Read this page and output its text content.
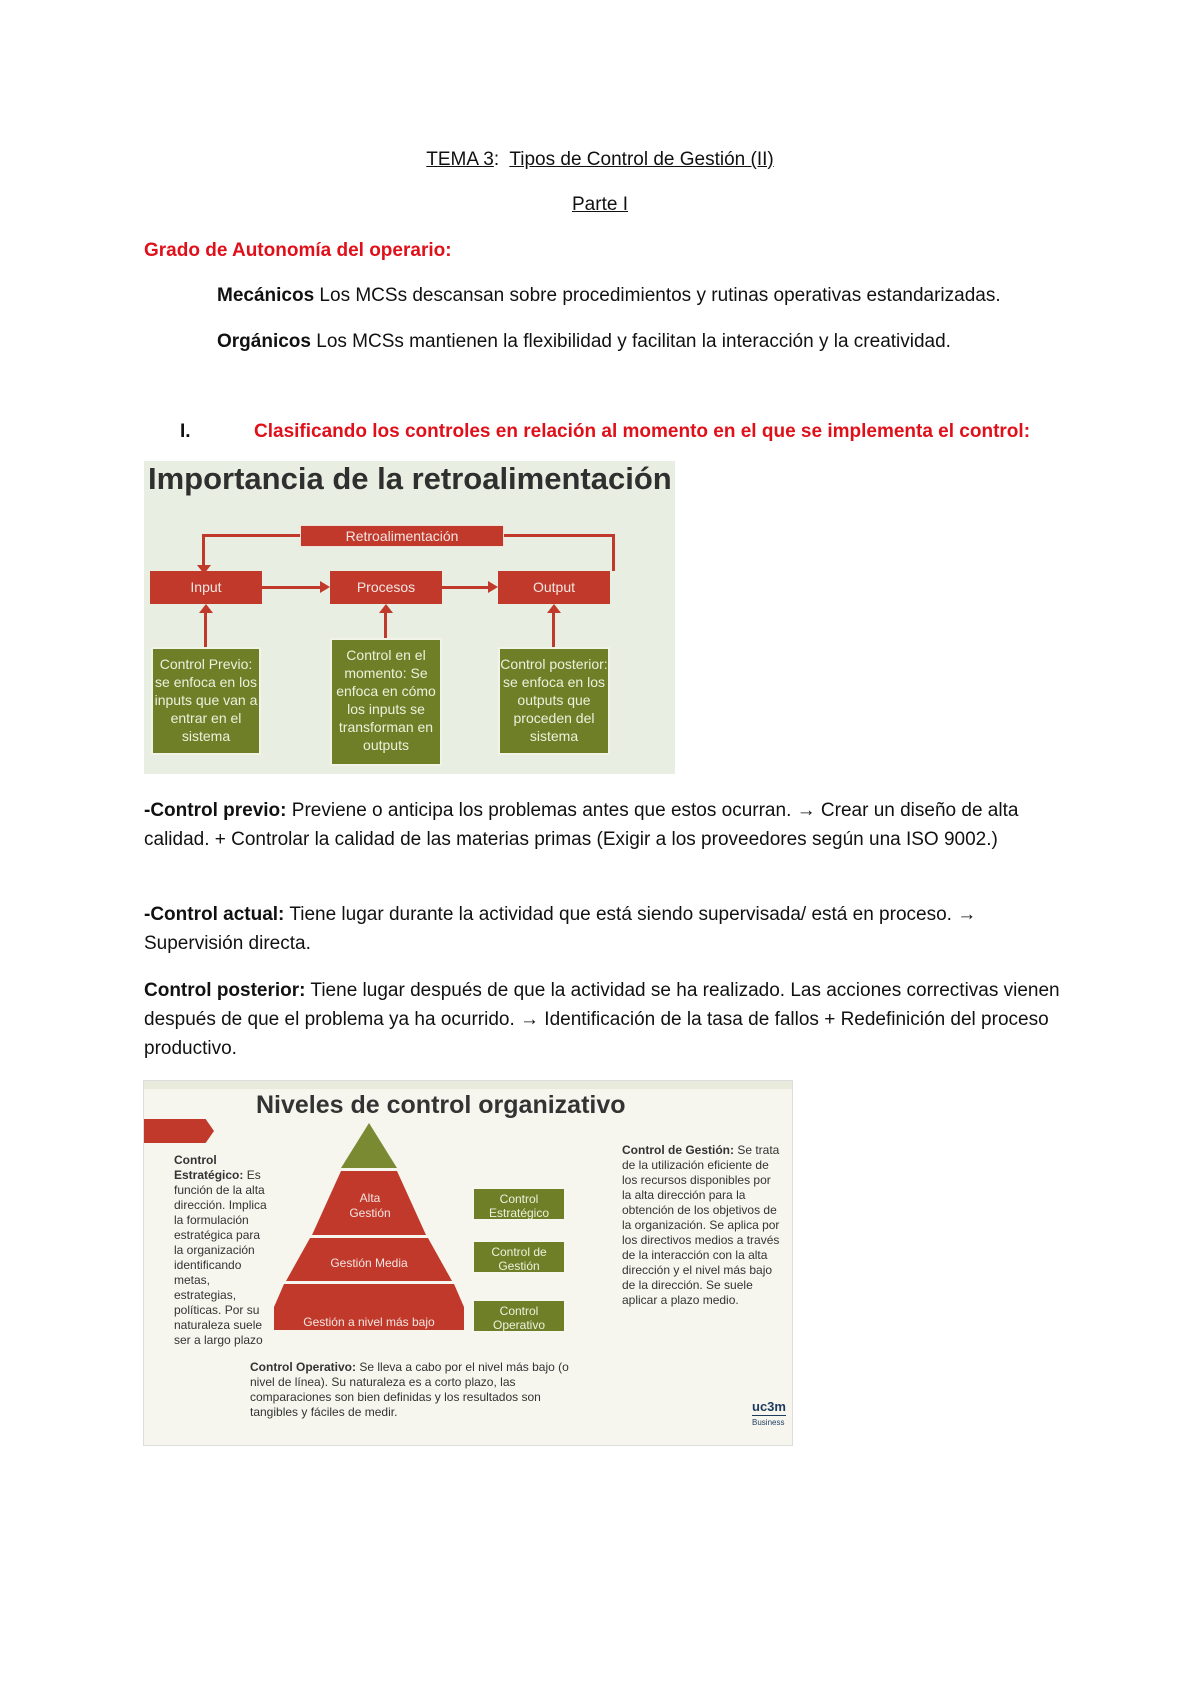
TEMA 3: Tipos de Control de Gestión (II)
Parte I
Grado de Autonomía del operario:
Mecánicos Los MCSs descansan sobre procedimientos y rutinas operativas estandarizadas.
Orgánicos Los MCSs mantienen la flexibilidad y facilitan la interacción y la creatividad.
I.	Clasificando los controles en relación al momento en el que se implementa el control:
Importancia de la retroalimentación
Retroalimentación
Input	Procesos	Output
Control Previo: se enfoca en los inputs que van a entrar en el sistema
Control en el momento: Se enfoca en cómo los inputs se transforman en outputs
Control posterior: se enfoca en los outputs que proceden del sistema
-Control previo: Previene o anticipa los problemas antes que estos ocurran. → Crear un diseño de alta calidad. + Controlar la calidad de las materias primas (Exigir a los proveedores según una ISO 9002.)
-Control actual: Tiene lugar durante la actividad que está siendo supervisada/ está en proceso. → Supervisión directa.
Control posterior: Tiene lugar después de que la actividad se ha realizado. Las acciones correctivas vienen después de que el problema ya ha ocurrido. → Identificación de la tasa de fallos + Redefinición del proceso productivo.
Niveles de control organizativo
Alta Gestión
Gestión Media
Gestión a nivel más bajo
Control Estratégico
Control de Gestión
Control Operativo
Control Estratégico: Es función de la alta dirección. Implica la formulación estratégica para la organización identificando metas, estrategias, políticas. Por su naturaleza suele ser a largo plazo
Control de Gestión: Se trata de la utilización eficiente de los recursos disponibles por la alta dirección para la obtención de los objetivos de la organización. Se aplica por los directivos medios a través de la interacción con la alta dirección y el nivel más bajo de la dirección. Se suele aplicar a plazo medio.
Control Operativo: Se lleva a cabo por el nivel más bajo (o nivel de línea). Su naturaleza es a corto plazo, las comparaciones son bien definidas y los resultados son tangibles y fáciles de medir.	uc3m
Business
